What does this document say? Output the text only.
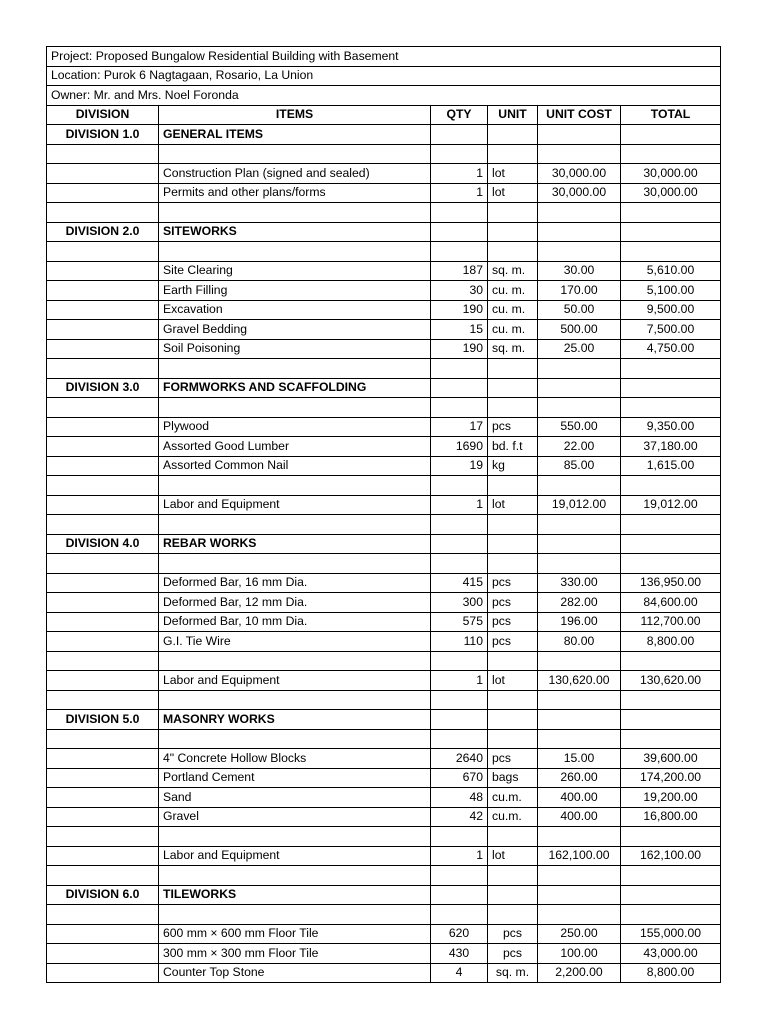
Project: Proposed Bungalow Residential Building with Basement					
Location: Purok 6 Nagtagaan, Rosario, La Union					
Owner: Mr. and Mrs. Noel Foronda					
DIVISION	ITEMS	QTY	UNIT	UNIT COST	TOTAL
DIVISION 1.0	GENERAL ITEMS				

	Construction Plan (signed and sealed)	1	lot	30,000.00	30,000.00
	Permits and other plans/forms	1	lot	30,000.00	30,000.00

DIVISION 2.0	SITEWORKS				

	Site Clearing	187	sq. m.	30.00	5,610.00
	Earth Filling	30	cu. m.	170.00	5,100.00
	Excavation	190	cu. m.	50.00	9,500.00
	Gravel Bedding	15	cu. m.	500.00	7,500.00
	Soil Poisoning	190	sq. m.	25.00	4,750.00

DIVISION 3.0	FORMWORKS AND SCAFFOLDING				

	Plywood	17	pcs	550.00	9,350.00
	Assorted Good Lumber	1690	bd. f.t	22.00	37,180.00
	Assorted Common Nail	19	kg	85.00	1,615.00

	Labor and Equipment	1	lot	19,012.00	19,012.00

DIVISION 4.0	REBAR WORKS				

	Deformed Bar, 16 mm Dia.	415	pcs	330.00	136,950.00
	Deformed Bar, 12 mm Dia.	300	pcs	282.00	84,600.00
	Deformed Bar, 10 mm Dia.	575	pcs	196.00	112,700.00
	G.I. Tie Wire	110	pcs	80.00	8,800.00

	Labor and Equipment	1	lot	130,620.00	130,620.00

DIVISION 5.0	MASONRY WORKS				

	4" Concrete Hollow Blocks	2640	pcs	15.00	39,600.00
	Portland Cement	670	bags	260.00	174,200.00
	Sand	48	cu.m.	400.00	19,200.00
	Gravel	42	cu.m.	400.00	16,800.00

	Labor and Equipment	1	lot	162,100.00	162,100.00

DIVISION 6.0	TILEWORKS				

	600 mm × 600 mm Floor Tile	620	pcs	250.00	155,000.00
	300 mm × 300 mm Floor Tile	430	pcs	100.00	43,000.00
	Counter Top Stone	4	sq. m.	2,200.00	8,800.00
